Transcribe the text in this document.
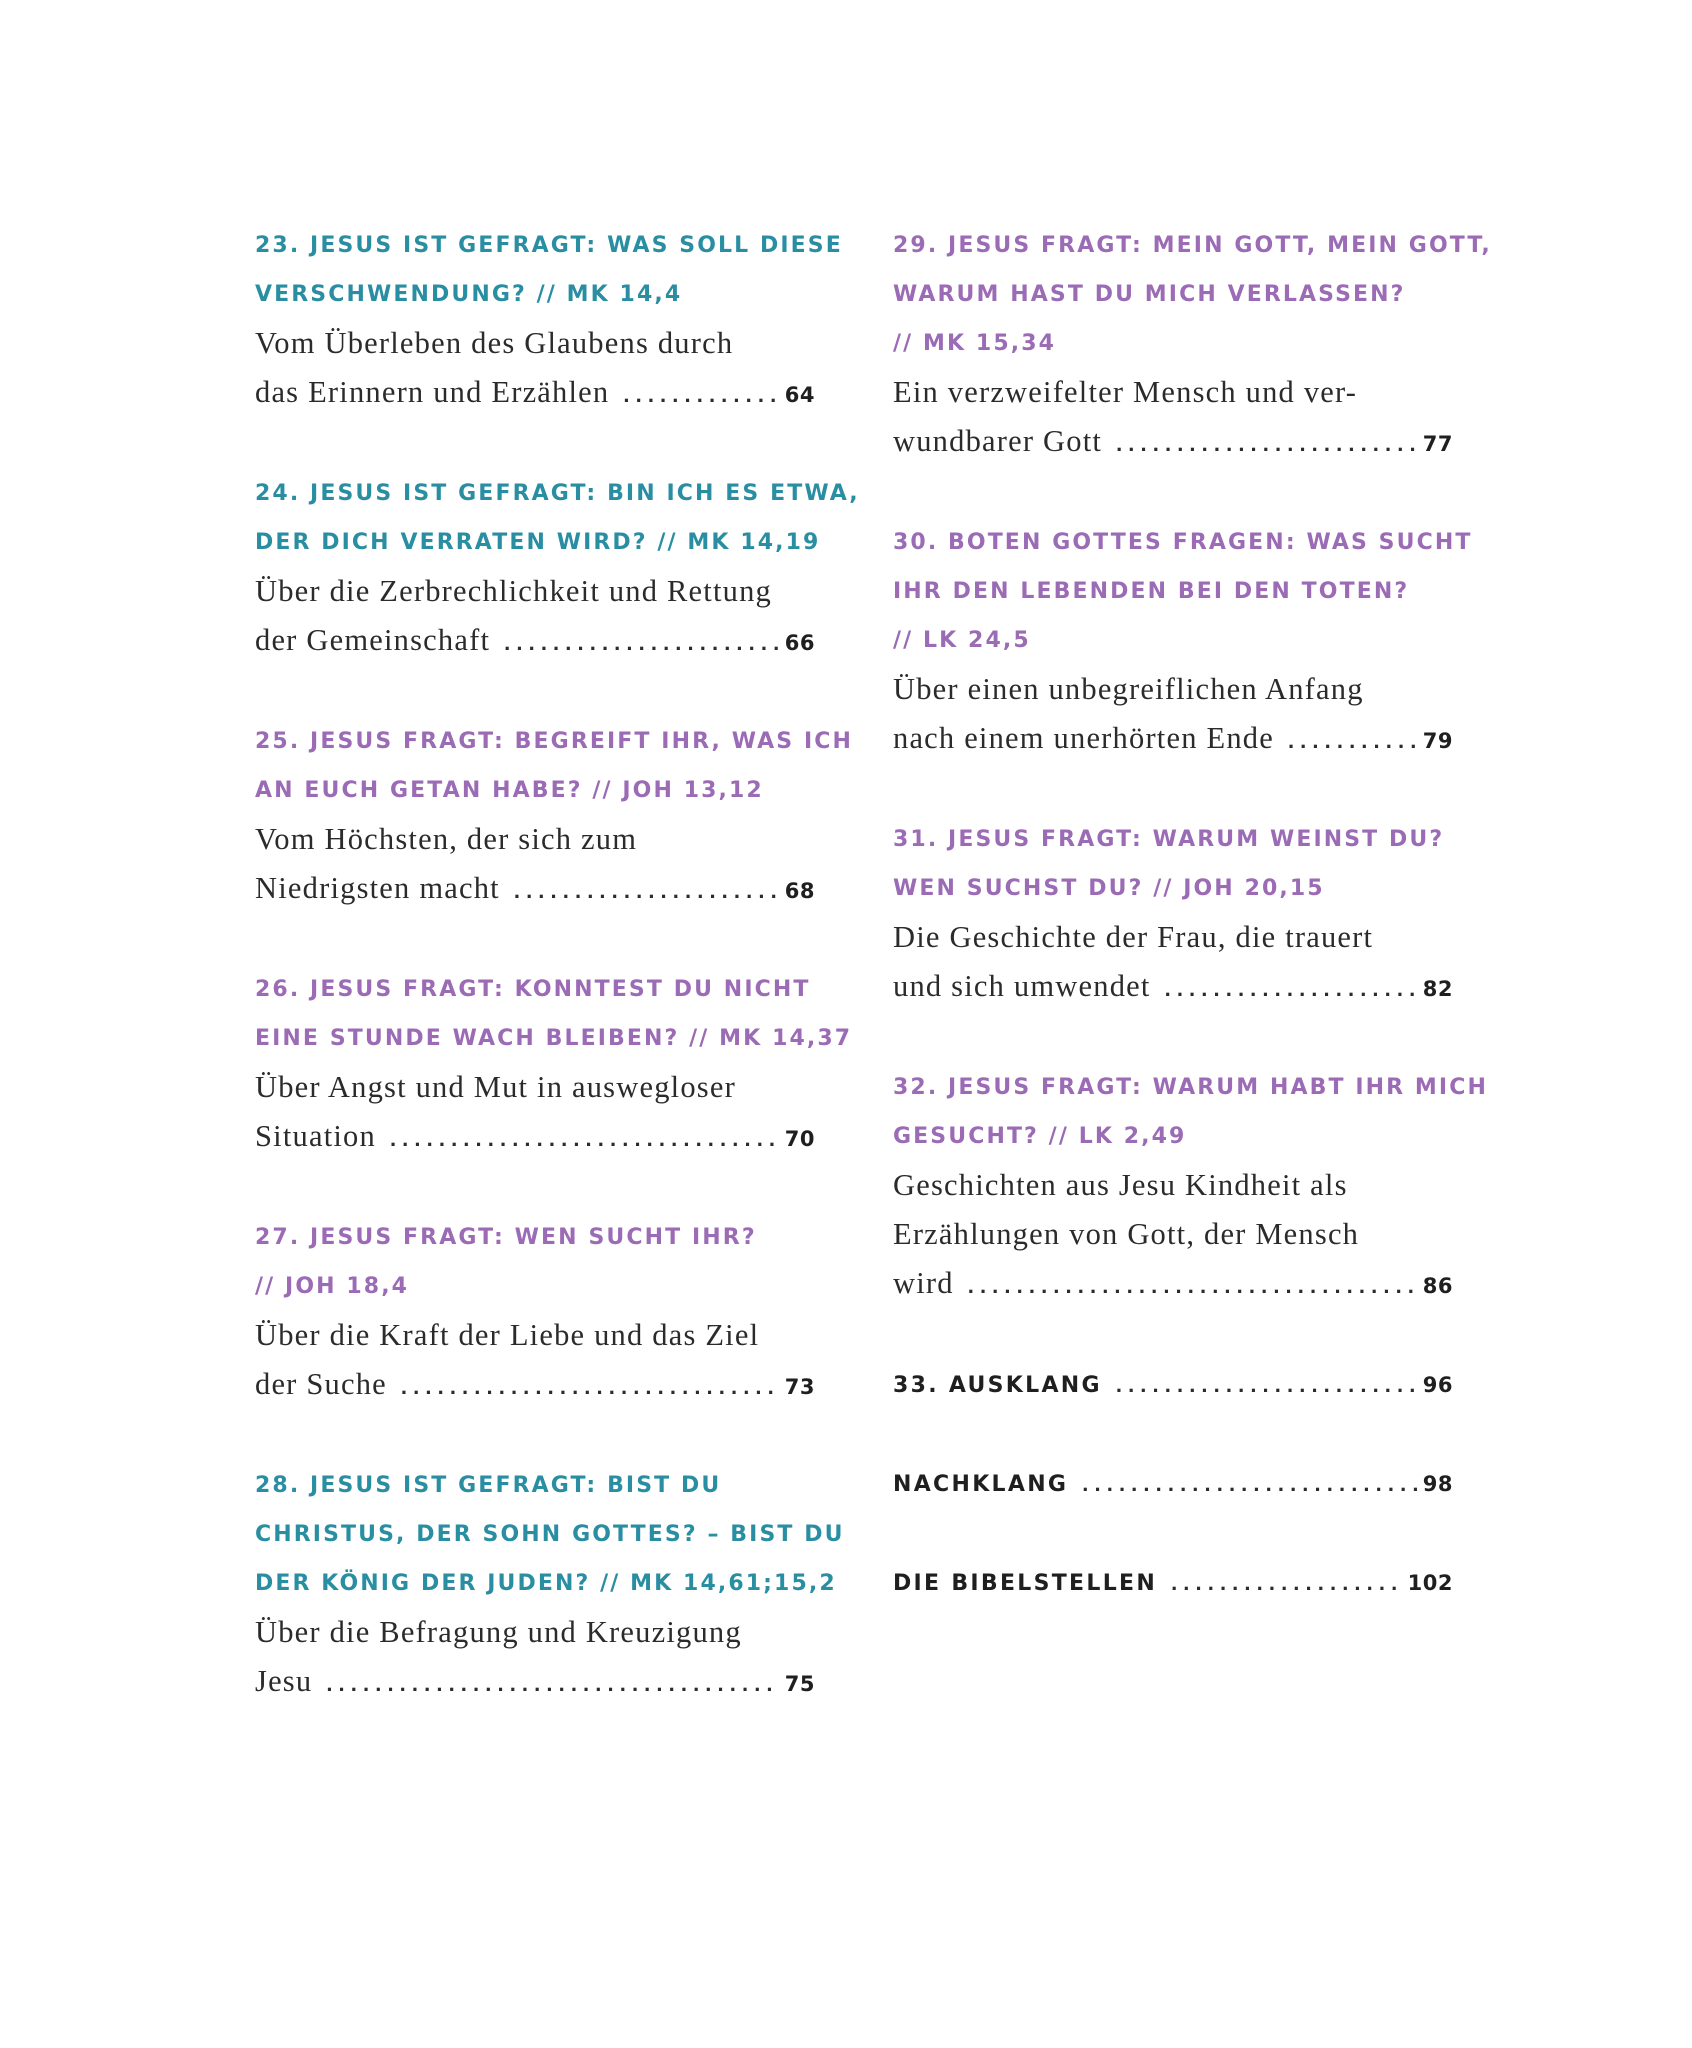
23. JESUS IST GEFRAGT: WAS SOLL DIESE
VERSCHWENDUNG? // MK 14,4
Vom Überleben des Glaubens durch
das Erinnern und Erzählen . . .	64
24. JESUS IST GEFRAGT: BIN ICH ES ETWA,
DER DICH VERRATEN WIRD? // MK 14,19
Über die Zerbrechlichkeit und Rettung
der Gemeinschaft . . .	66
25. JESUS FRAGT: BEGREIFT IHR, WAS ICH
AN EUCH GETAN HABE? // JOH 13,12
Vom Höchsten, der sich zum
Niedrigsten macht . . .	68
26. JESUS FRAGT: KONNTEST DU NICHT
EINE STUNDE WACH BLEIBEN? // MK 14,37
Über Angst und Mut in auswegloser
Situation . . .	70
27. JESUS FRAGT: WEN SUCHT IHR?
// JOH 18,4
Über die Kraft der Liebe und das Ziel
der Suche . . .	73
28. JESUS IST GEFRAGT: BIST DU
CHRISTUS, DER SOHN GOTTES? – BIST DU
DER KÖNIG DER JUDEN? // MK 14,61;15,2
Über die Befragung und Kreuzigung
Jesu . . .	75
29. JESUS FRAGT: MEIN GOTT, MEIN GOTT,
WARUM HAST DU MICH VERLASSEN?
// MK 15,34
Ein verzweifelter Mensch und ver-
wundbarer Gott . . .	77
30. BOTEN GOTTES FRAGEN: WAS SUCHT
IHR DEN LEBENDEN BEI DEN TOTEN?
// LK 24,5
Über einen unbegreiflichen Anfang
nach einem unerhörten Ende . . .	79
31. JESUS FRAGT: WARUM WEINST DU?
WEN SUCHST DU? // JOH 20,15
Die Geschichte der Frau, die trauert
und sich umwendet . . .	82
32. JESUS FRAGT: WARUM HABT IHR MICH
GESUCHT? // LK 2,49
Geschichten aus Jesu Kindheit als
Erzählungen von Gott, der Mensch
wird . . .	86
33. AUSKLANG . . .	96
NACHKLANG . . .	98
DIE BIBELSTELLEN . . .	102
